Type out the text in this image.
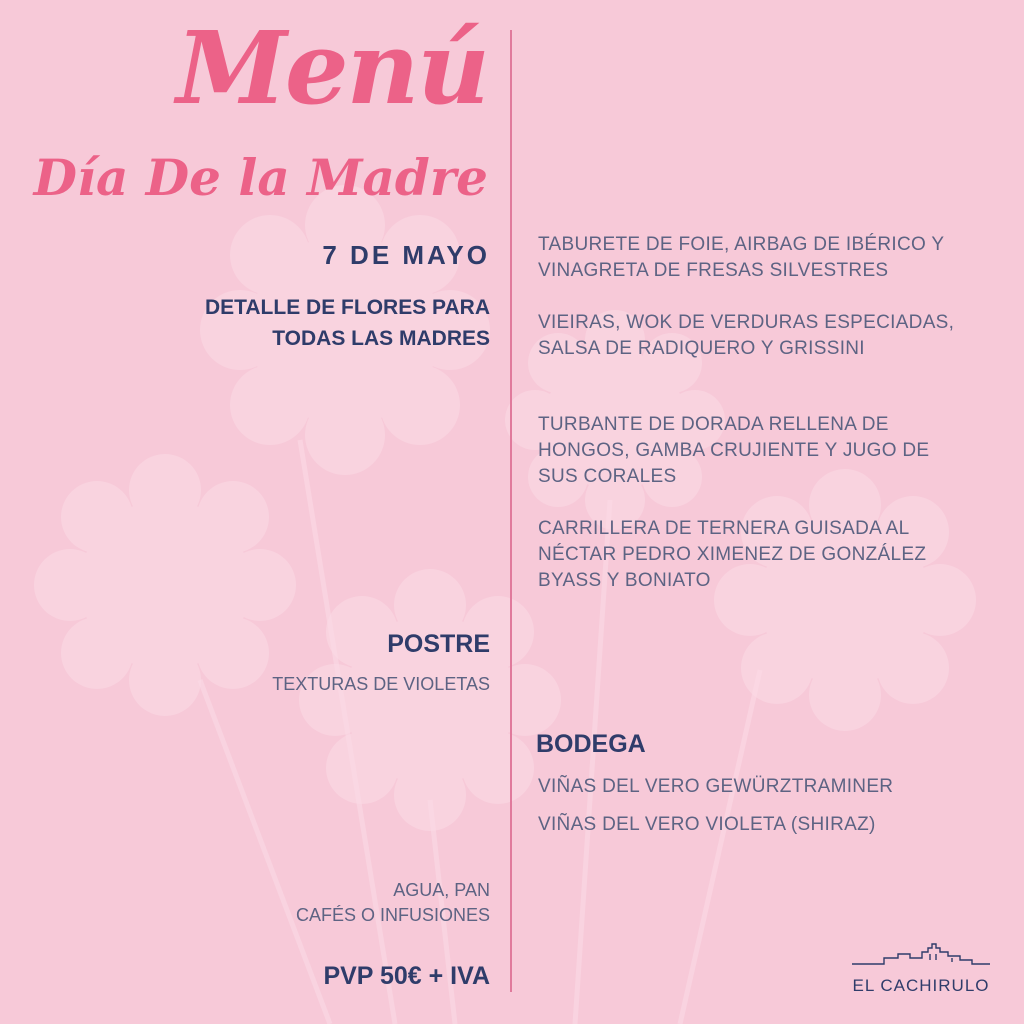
Menú
Día De la Madre
7 DE MAYO
DETALLE DE FLORES PARA
TODAS LAS MADRES
POSTRE
TEXTURAS DE VIOLETAS
AGUA, PAN
CAFÉS O INFUSIONES
PVP 50€ + IVA
TABURETE DE FOIE, AIRBAG DE IBÉRICO Y
VINAGRETA DE FRESAS SILVESTRES
VIEIRAS, WOK DE VERDURAS ESPECIADAS,
SALSA DE RADIQUERO Y GRISSINI
TURBANTE DE DORADA RELLENA DE
HONGOS, GAMBA CRUJIENTE Y JUGO DE
SUS CORALES
CARRILLERA DE TERNERA GUISADA AL
NÉCTAR PEDRO XIMENEZ DE GONZÁLEZ
BYASS Y BONIATO
BODEGA
VIÑAS DEL VERO GEWÜRZTRAMINER
VIÑAS DEL VERO VIOLETA (SHIRAZ)
EL CACHIRULO
